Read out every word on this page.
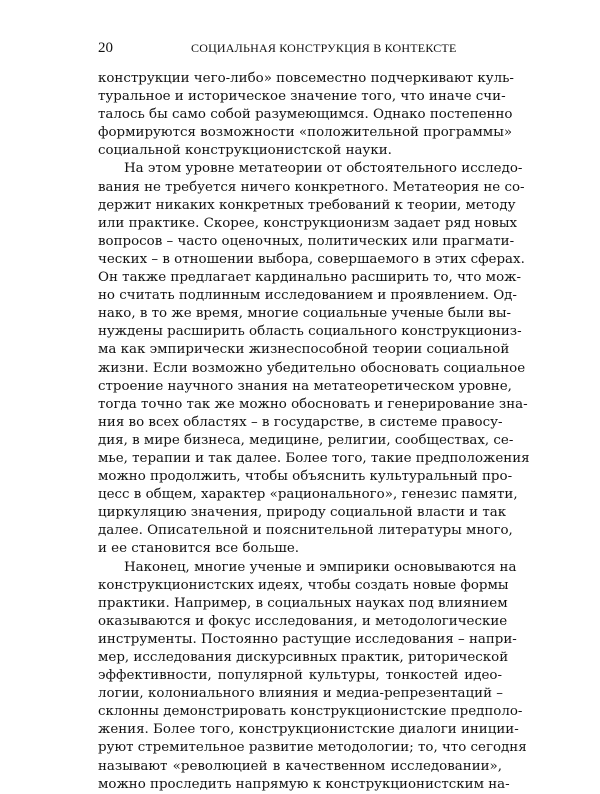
20	СОЦИАЛЬНАЯ КОНСТРУКЦИЯ В КОНТЕКСТЕ

конструкции чего-либо» повсеместно подчеркивают куль-
туральное и историческое значение того, что иначе счи-
талось бы само собой разумеющимся. Однако постепенно
формируются возможности «положительной программы»
социальной конструкционистской науки.

На этом уровне метатеории от обстоятельного исследо-
вания не требуется ничего конкретного. Метатеория не со-
держит никаких конкретных требований к теории, методу
или практике. Скорее, конструкционизм задает ряд новых
вопросов – часто оценочных, политических или прагмати-
ческих – в отношении выбора, совершаемого в этих сферах.
Он также предлагает кардинально расширить то, что мож-
но считать подлинным исследованием и проявлением. Од-
нако, в то же время, многие социальные ученые были вы-
нуждены расширить область социального конструкциониз-
ма как эмпирически жизнеспособной теории социальной
жизни. Если возможно убедительно обосновать социальное
строение научного знания на метатеоретическом уровне,
тогда точно так же можно обосновать и генерирование зна-
ния во всех областях – в государстве, в системе правосу-
дия, в мире бизнеса, медицине, религии, сообществах, се-
мье, терапии и так далее. Более того, такие предположения
можно продолжить, чтобы объяснить культуральный про-
цесс в общем, характер «рационального», генезис памяти,
циркуляцию значения, природу социальной власти и так
далее. Описательной и пояснительной литературы много,
и ее становится все больше.

Наконец, многие ученые и эмпирики основываются на
конструкционистских идеях, чтобы создать новые формы
практики. Например, в социальных науках под влиянием
оказываются и фокус исследования, и методологические
инструменты. Постоянно растущие исследования – напри-
мер, исследования дискурсивных практик, риторической
эффективности, популярной культуры, тонкостей идео-
логии, колониального влияния и медиа-репрезентаций –
склонны демонстрировать конструкционистские предполо-
жения. Более того, конструкционистские диалоги иниции-
руют стремительное развитие методологии; то, что сегодня
называют «революцией в качественном исследовании»,
можно проследить напрямую к конструкционистским на-
